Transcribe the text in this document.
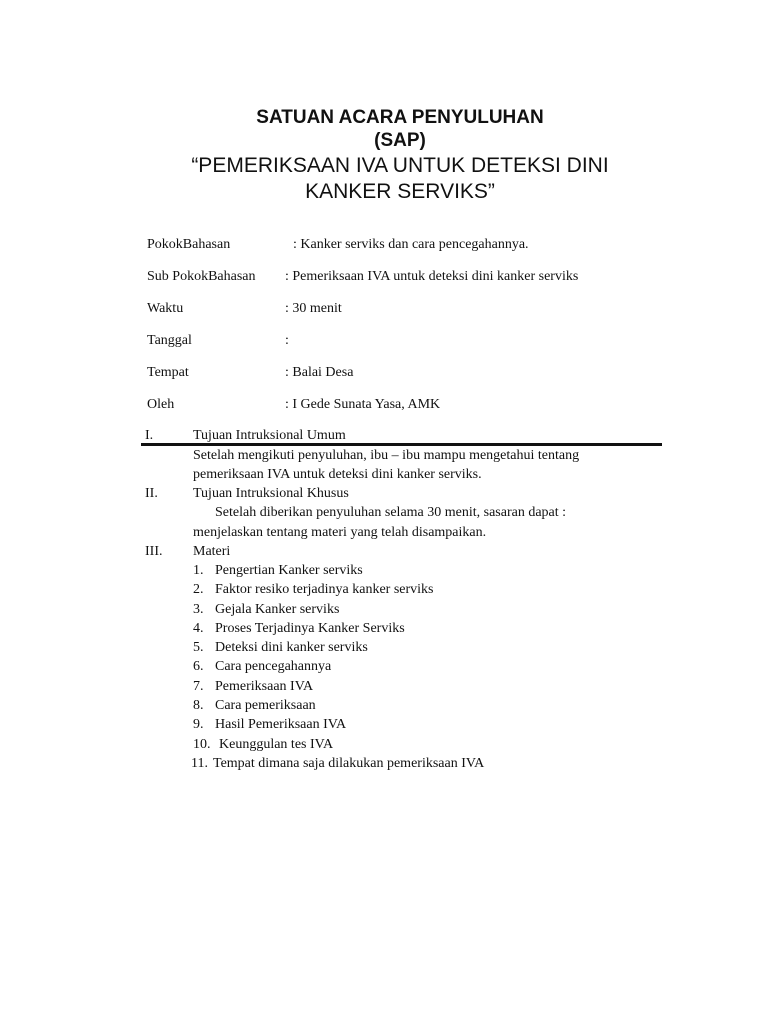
SATUAN ACARA PENYULUHAN
(SAP)
“PEMERIKSAAN IVA UNTUK DETEKSI DINI
KANKER SERVIKS”
PokokBahasan	: Kanker serviks dan cara pencegahannya.
Sub PokokBahasan : Pemeriksaan IVA untuk deteksi dini kanker serviks
Waktu	: 30 menit
Tanggal	:
Tempat	: Balai Desa
Oleh	: I Gede Sunata Yasa, AMK
I.	Tujuan Intruksional Umum
Setelah mengikuti penyuluhan, ibu – ibu mampu mengetahui tentang
pemeriksaan IVA untuk deteksi dini kanker serviks.
II.	Tujuan Intruksional Khusus
Setelah diberikan penyuluhan selama 30 menit, sasaran dapat :
menjelaskan tentang materi yang telah disampaikan.
III. Materi
1. Pengertian Kanker serviks
2. Faktor resiko terjadinya kanker serviks
3. Gejala Kanker serviks
4. Proses Terjadinya Kanker Serviks
5. Deteksi dini kanker serviks
6. Cara pencegahannya
7. Pemeriksaan IVA
8. Cara pemeriksaan
9. Hasil Pemeriksaan IVA
10. Keunggulan tes IVA
11. Tempat dimana saja dilakukan pemeriksaan IVA
